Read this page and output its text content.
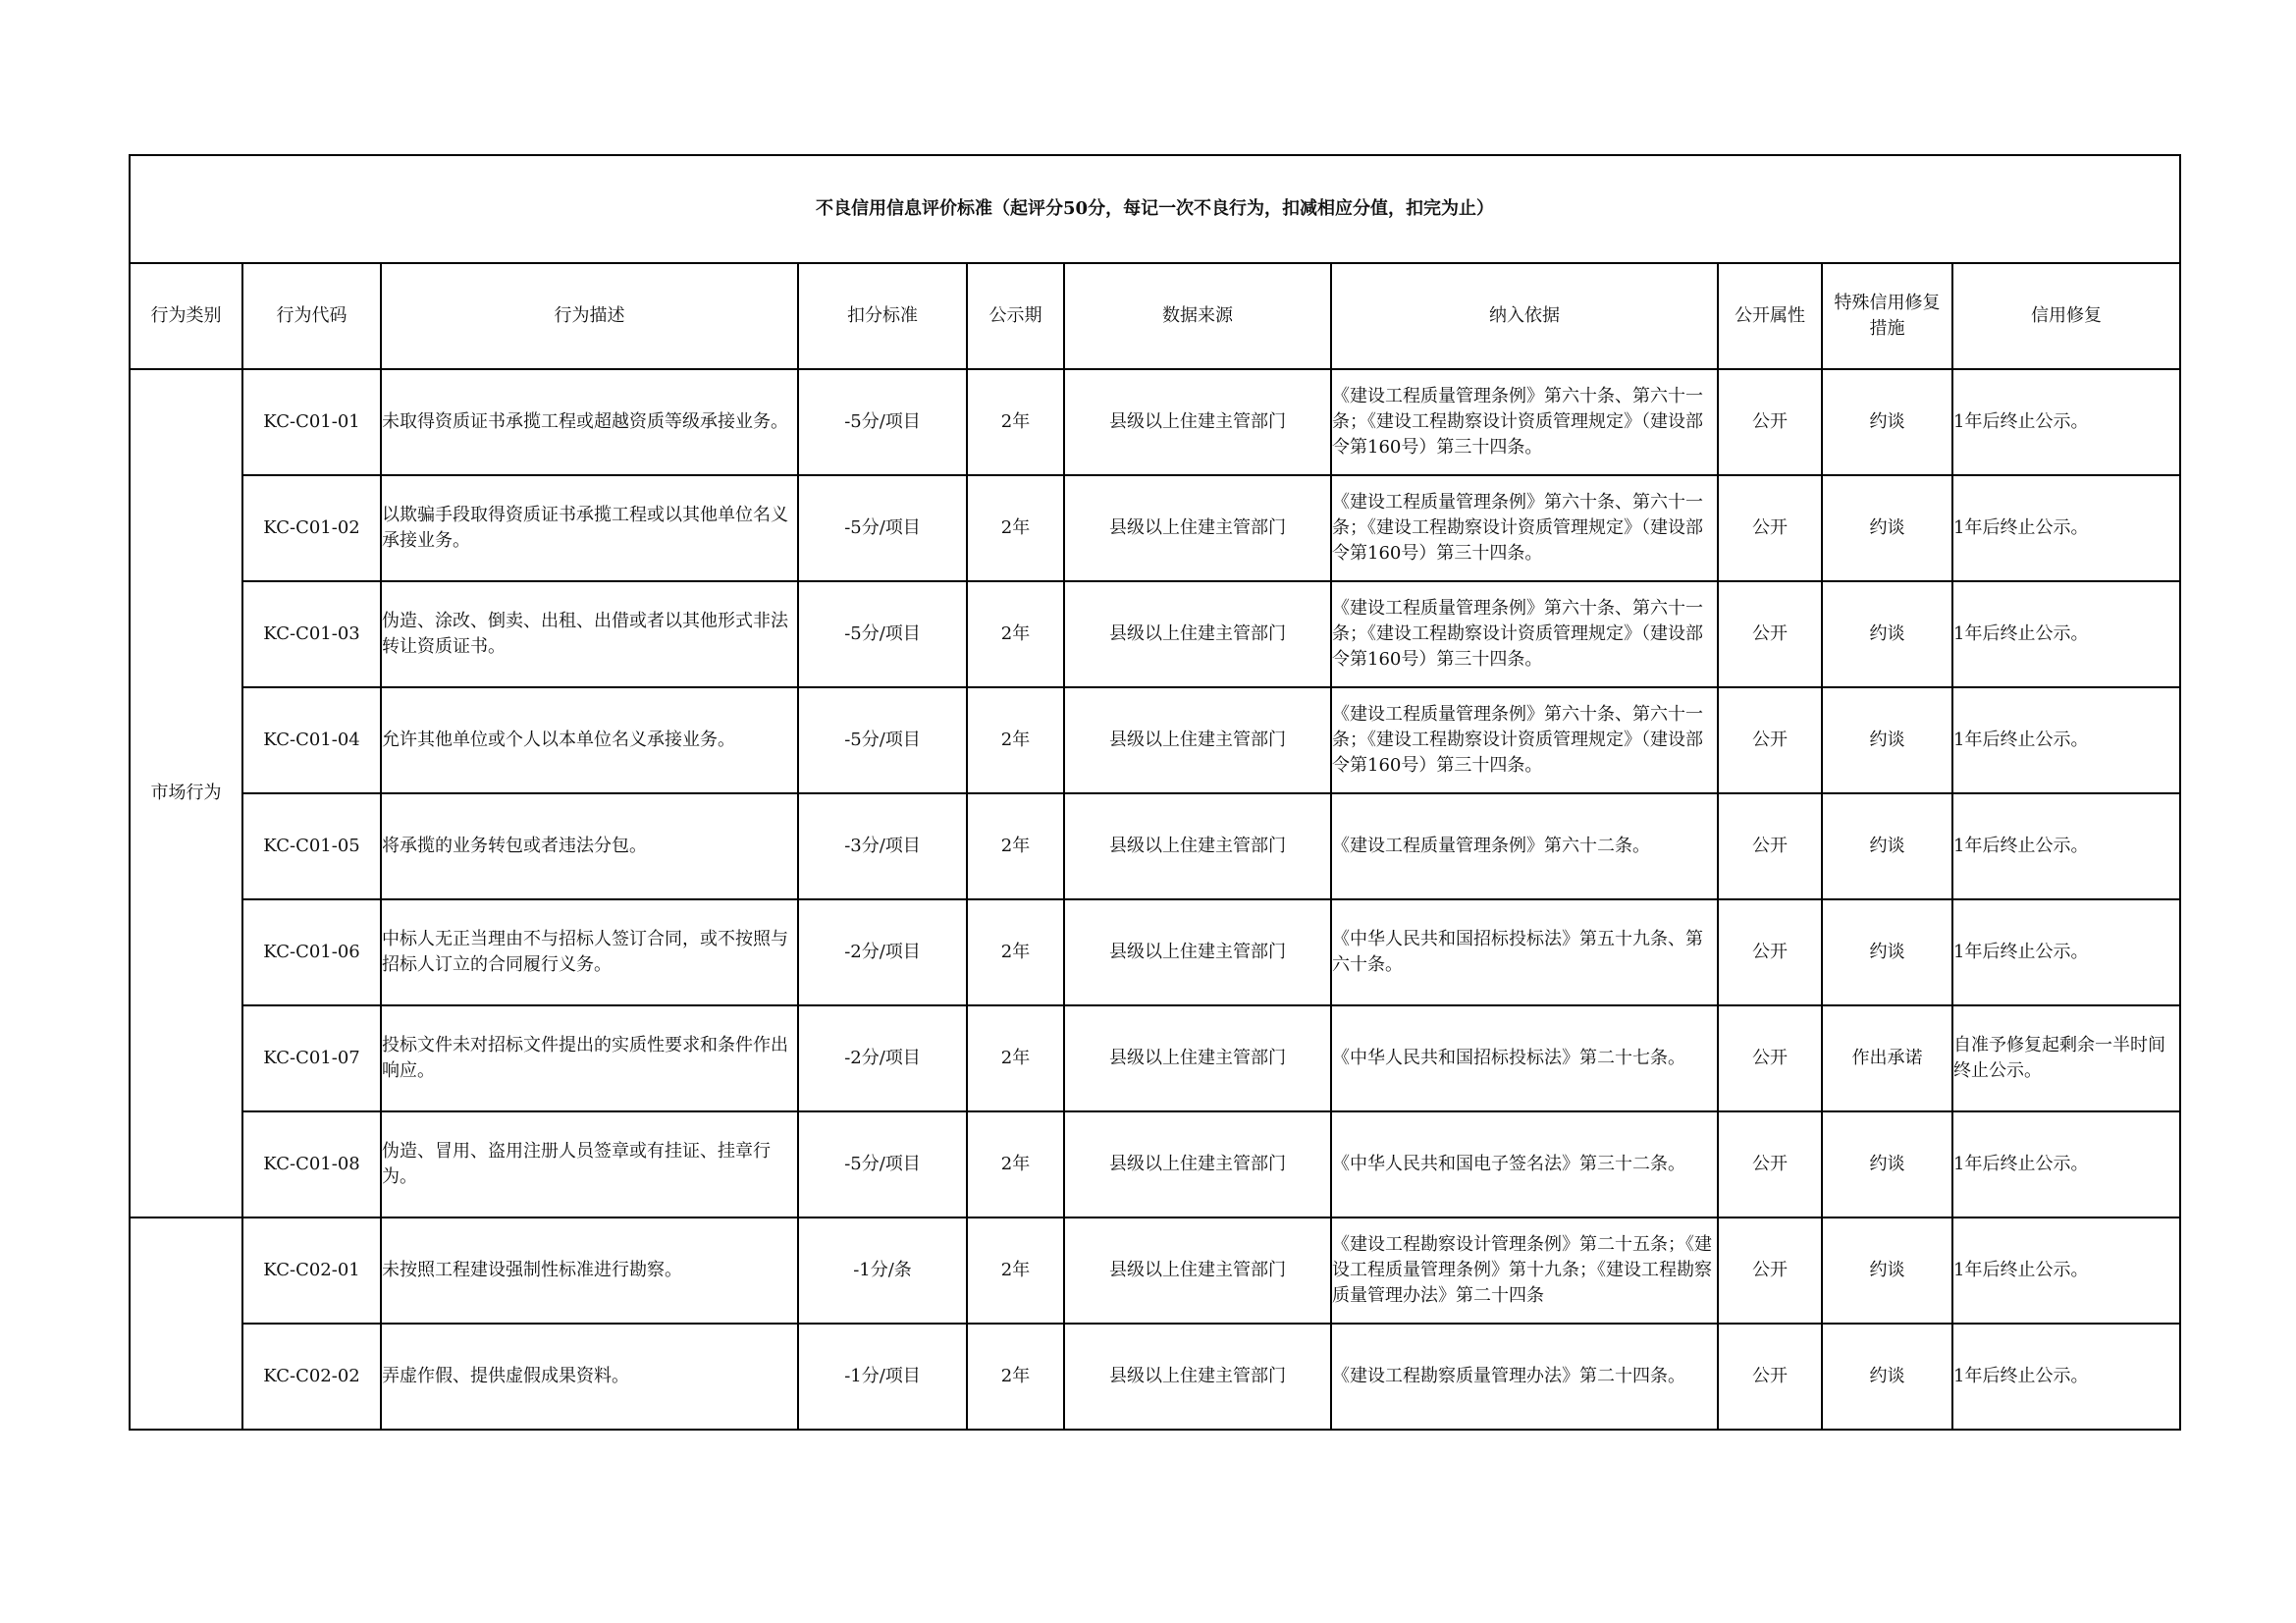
不良信用信息评价标准（起评分50分，每记一次不良行为，扣减相应分值，扣完为止）									
行为类别	行为代码	行为描述	扣分标准	公示期	数据来源	纳入依据	公开属性	特殊信用修复措施	信用修复
市场行为	KC-C01-01	未取得资质证书承揽工程或超越资质等级承接业务。	-5分/项目	2年	县级以上住建主管部门	《建设工程质量管理条例》第六十条、第六十一条；《建设工程勘察设计资质管理规定》（建设部令第160号）第三十四条。	公开	约谈	1年后终止公示。
	KC-C01-02	以欺骗手段取得资质证书承揽工程或以其他单位名义承接业务。	-5分/项目	2年	县级以上住建主管部门	《建设工程质量管理条例》第六十条、第六十一条；《建设工程勘察设计资质管理规定》（建设部令第160号）第三十四条。	公开	约谈	1年后终止公示。
	KC-C01-03	伪造、涂改、倒卖、出租、出借或者以其他形式非法转让资质证书。	-5分/项目	2年	县级以上住建主管部门	《建设工程质量管理条例》第六十条、第六十一条；《建设工程勘察设计资质管理规定》（建设部令第160号）第三十四条。	公开	约谈	1年后终止公示。
	KC-C01-04	允许其他单位或个人以本单位名义承接业务。	-5分/项目	2年	县级以上住建主管部门	《建设工程质量管理条例》第六十条、第六十一条；《建设工程勘察设计资质管理规定》（建设部令第160号）第三十四条。	公开	约谈	1年后终止公示。
	KC-C01-05	将承揽的业务转包或者违法分包。	-3分/项目	2年	县级以上住建主管部门	《建设工程质量管理条例》第六十二条。	公开	约谈	1年后终止公示。
	KC-C01-06	中标人无正当理由不与招标人签订合同，或不按照与招标人订立的合同履行义务。	-2分/项目	2年	县级以上住建主管部门	《中华人民共和国招标投标法》第五十九条、第六十条。	公开	约谈	1年后终止公示。
	KC-C01-07	投标文件未对招标文件提出的实质性要求和条件作出响应。	-2分/项目	2年	县级以上住建主管部门	《中华人民共和国招标投标法》第二十七条。	公开	作出承诺	自准予修复起剩余一半时间终止公示。
	KC-C01-08	伪造、冒用、盗用注册人员签章或有挂证、挂章行为。	-5分/项目	2年	县级以上住建主管部门	《中华人民共和国电子签名法》第三十二条。	公开	约谈	1年后终止公示。
	KC-C02-01	未按照工程建设强制性标准进行勘察。	-1分/条	2年	县级以上住建主管部门	《建设工程勘察设计管理条例》第二十五条；《建设工程质量管理条例》第十九条；《建设工程勘察质量管理办法》第二十四条	公开	约谈	1年后终止公示。
	KC-C02-02	弄虚作假、提供虚假成果资料。	-1分/项目	2年	县级以上住建主管部门	《建设工程勘察质量管理办法》第二十四条。	公开	约谈	1年后终止公示。
